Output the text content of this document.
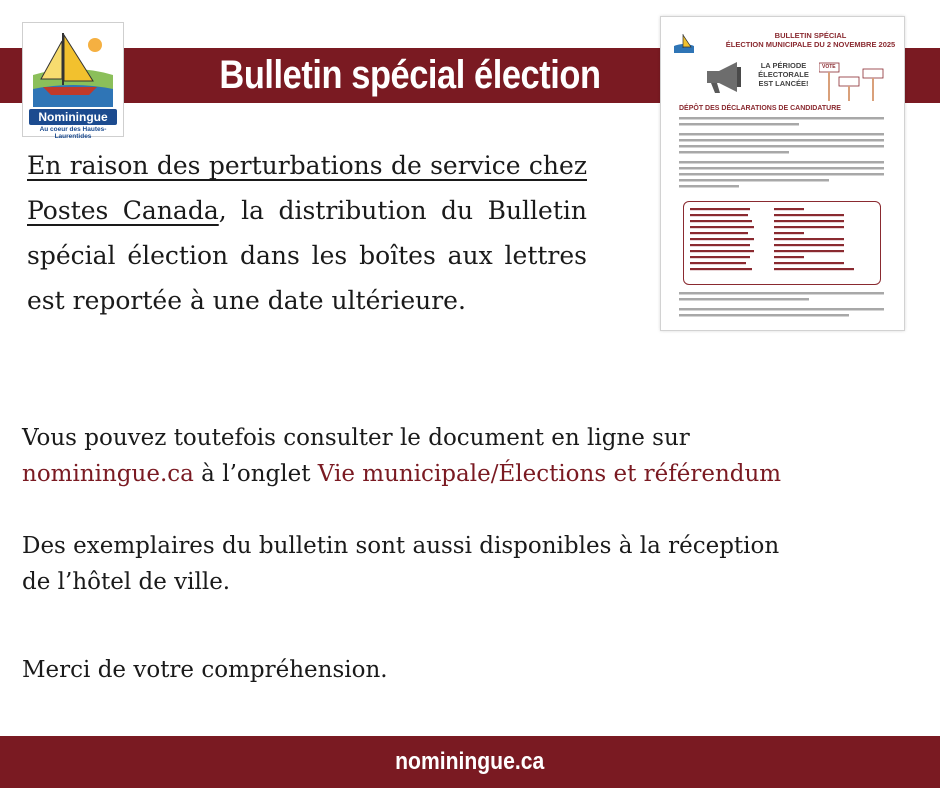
Bulletin spécial élection
Nominingue
Au coeur des Hautes-Laurentides
En raison des perturbations de service chez Postes Canada, la distribution du Bulletin spécial élection dans les boîtes aux lettres est reportée à une date ultérieure.
BULLETIN SPÉCIAL
ÉLECTION MUNICIPALE DU 2 NOVEMBRE 2025
LA PÉRIODE ÉLECTORALE EST LANCÉE!
VOTE
DÉPÔT DES DÉCLARATIONS DE CANDIDATURE
Vous pouvez toutefois consulter le document en ligne sur
nominingue.ca à l’onglet Vie municipale/Élections et référendum
Des exemplaires du bulletin sont aussi disponibles à la réception
de l’hôtel de ville.
Merci de votre compréhension.
nominingue.ca
